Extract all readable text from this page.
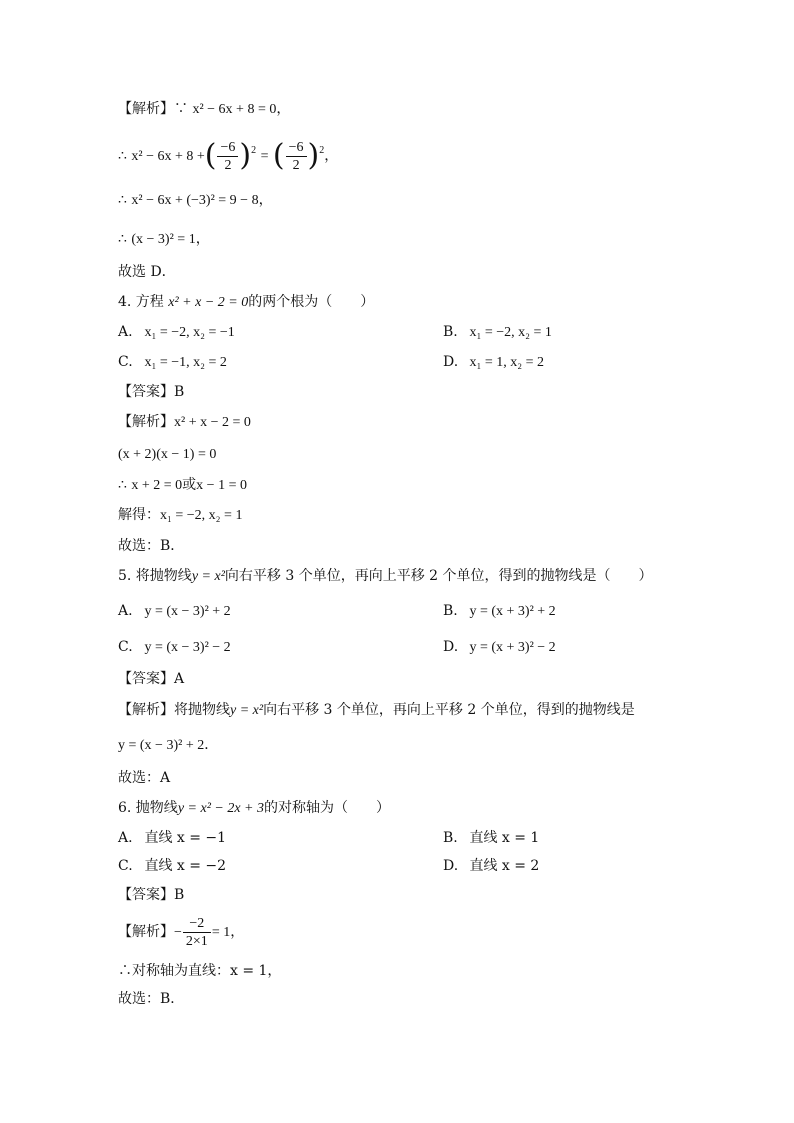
【解析】∵ x² − 6x + 8 = 0，
∴ x² − 6x + 8 +( $\frac{-6}{2} )^2$ = ( $\frac{-6}{2} )^2$，
∴ x² − 6x + (−3)² = 9 − 8，
∴ (x − 3)² = 1，
故选 D．
4. 方程 x² + x − 2 = 0的两个根为（　　）
A. x₁ = −2, x₂ = −1	B. x₁ = −2, x₂ = 1
C. x₁ = −1, x₂ = 2	D. x₁ = 1, x₂ = 2
【答案】B
【解析】x² + x − 2 = 0
(x + 2)(x − 1) = 0
∴ x + 2 = 0或x − 1 = 0
解得：x₁ = −2, x₂ = 1
故选：B．
5. 将抛物线y = x²向右平移 3 个单位，再向上平移 2 个单位，得到的抛物线是（　　）
A. y = (x − 3)² + 2	B. y = (x + 3)² + 2
C. y = (x − 3)² − 2	D. y = (x + 3)² − 2
【答案】A
【解析】将抛物线y = x²向右平移 3 个单位，再向上平移 2 个单位，得到的抛物线是
y = (x − 3)² + 2．
故选：A
6. 抛物线y = x² − 2x + 3的对称轴为（　　）
A. 直线 x = −1	B. 直线 x = 1
C. 直线 x = −2	D. 直线 x = 2
【答案】B
【解析】− $\frac{-2}{2\times 1} = 1$，
∴对称轴为直线：x = 1，
故选：B．
